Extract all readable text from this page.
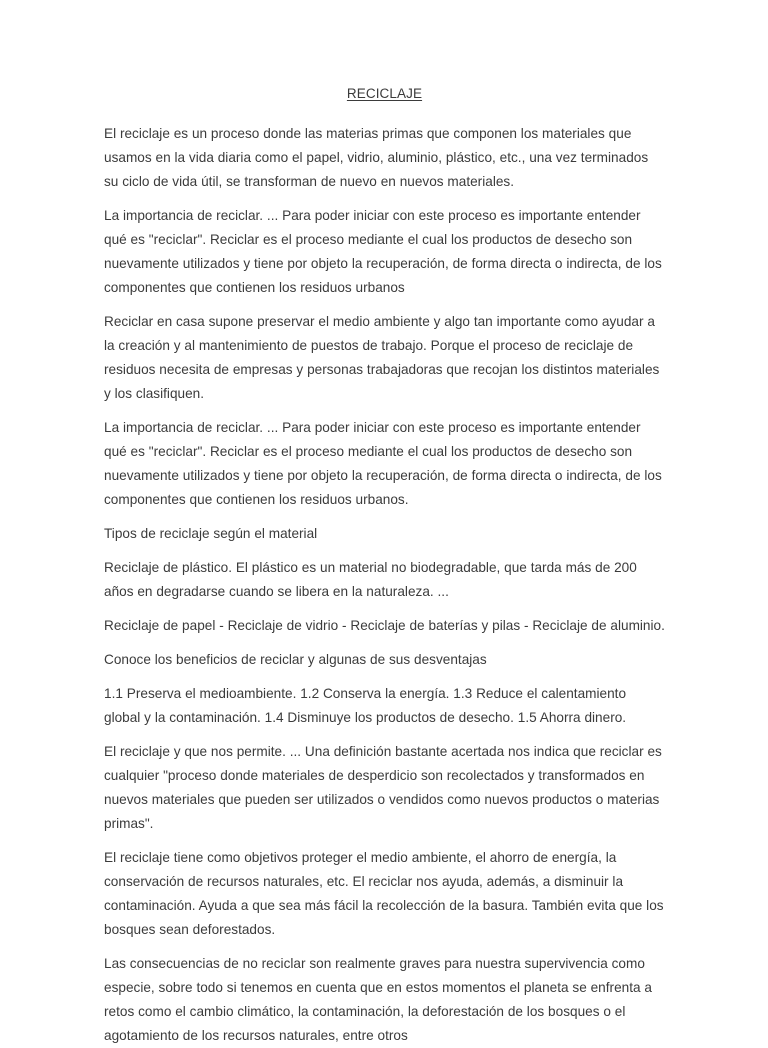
RECICLAJE

El reciclaje es un proceso donde las materias primas que componen los materiales que usamos en la vida diaria como el papel, vidrio, aluminio, plástico, etc., una vez terminados su ciclo de vida útil, se transforman de nuevo en nuevos materiales.

La importancia de reciclar. ... Para poder iniciar con este proceso es importante entender qué es "reciclar". Reciclar es el proceso mediante el cual los productos de desecho son nuevamente utilizados y tiene por objeto la recuperación, de forma directa o indirecta, de los componentes que contienen los residuos urbanos

Reciclar en casa supone preservar el medio ambiente y algo tan importante como ayudar a la creación y al mantenimiento de puestos de trabajo. Porque el proceso de reciclaje de residuos necesita de empresas y personas trabajadoras que recojan los distintos materiales y los clasifiquen.

La importancia de reciclar. ... Para poder iniciar con este proceso es importante entender qué es "reciclar". Reciclar es el proceso mediante el cual los productos de desecho son nuevamente utilizados y tiene por objeto la recuperación, de forma directa o indirecta, de los componentes que contienen los residuos urbanos.

Tipos de reciclaje según el material

Reciclaje de plástico. El plástico es un material no biodegradable, que tarda más de 200 años en degradarse cuando se libera en la naturaleza. ...

Reciclaje de papel - Reciclaje de vidrio - Reciclaje de baterías y pilas - Reciclaje de aluminio.

Conoce los beneficios de reciclar y algunas de sus desventajas

1.1 Preserva el medioambiente. 1.2 Conserva la energía. 1.3 Reduce el calentamiento global y la contaminación. 1.4 Disminuye los productos de desecho. 1.5 Ahorra dinero.

El reciclaje y que nos permite. ... Una definición bastante acertada nos indica que reciclar es cualquier "proceso donde materiales de desperdicio son recolectados y transformados en nuevos materiales que pueden ser utilizados o vendidos como nuevos productos o materias primas".

El reciclaje tiene como objetivos proteger el medio ambiente, el ahorro de energía, la conservación de recursos naturales, etc. El reciclar nos ayuda, además, a disminuir la contaminación. Ayuda a que sea más fácil la recolección de la basura. También evita que los bosques sean deforestados.

Las consecuencias de no reciclar son realmente graves para nuestra supervivencia como especie, sobre todo si tenemos en cuenta que en estos momentos el planeta se enfrenta a retos como el cambio climático, la contaminación, la deforestación de los bosques o el agotamiento de los recursos naturales, entre otros
